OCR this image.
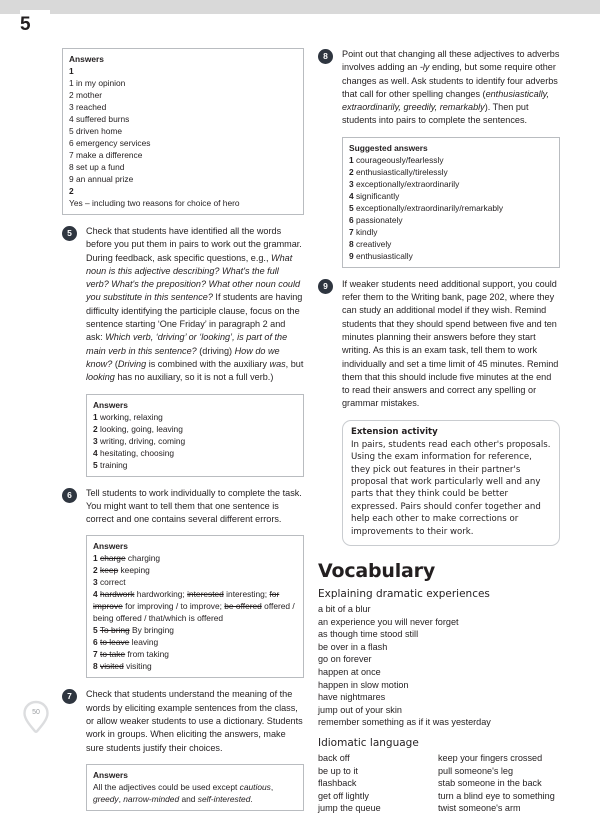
5
Answers
1
1 in my opinion
2 mother
3 reached
4 suffered burns
5 driven home
6 emergency services
7 make a difference
8 set up a fund
9 an annual prize
2
Yes – including two reasons for choice of hero
5	Check that students have identified all the words before you put them in pairs to work out the grammar. During feedback, ask specific questions, e.g., What noun is this adjective describing? What's the full verb? What's the preposition? What other noun could you substitute in this sentence? If students are having difficulty identifying the participle clause, focus on the sentence starting ‘One Friday’ in paragraph 2 and ask: Which verb, ‘driving’ or ‘looking’, is part of the main verb in this sentence? (driving) How do we know? (Driving is combined with the auxiliary was, but looking has no auxiliary, so it is not a full verb.)
Answers
1 working, relaxing
2 looking, going, leaving
3 writing, driving, coming
4 hesitating, choosing
5 training
6	Tell students to work individually to complete the task. You might want to tell them that one sentence is correct and one contains several different errors.
Answers
1 charge charging
2 keep keeping
3 correct
4 hardwork hardworking; interested interesting; for improve for improving / to improve; be offered offered / being offered / that/which is offered
5 To bring By bringing
6 to leave leaving
7 to take from taking
8 visited visiting
7	Check that students understand the meaning of the words by eliciting example sentences from the class, or allow weaker students to use a dictionary. Students work in groups. When eliciting the answers, make sure students justify their choices.
Answers
All the adjectives could be used except cautious, greedy, narrow-minded and self-interested.
8	Point out that changing all these adjectives to adverbs involves adding an -ly ending, but some require other changes as well. Ask students to identify four adverbs that call for other spelling changes (enthusiastically, extraordinarily, greedily, remarkably). Then put students into pairs to complete the sentences.
Suggested answers
1 courageously/fearlessly
2 enthusiastically/tirelessly
3 exceptionally/extraordinarily
4 significantly
5 exceptionally/extraordinarily/remarkably
6 passionately
7 kindly
8 creatively
9 enthusiastically
9	If weaker students need additional support, you could refer them to the Writing bank, page 202, where they can study an additional model if they wish. Remind students that they should spend between five and ten minutes planning their answers before they start writing. As this is an exam task, tell them to work individually and set a time limit of 45 minutes. Remind them that this should include five minutes at the end to read their answers and correct any spelling or grammar mistakes.
Extension activity
In pairs, students read each other's proposals. Using the exam information for reference, they pick out features in their partner's proposal that work particularly well and any parts that they think could be better expressed. Pairs should confer together and help each other to make corrections or improvements to their work.
Vocabulary
Explaining dramatic experiences
a bit of a blur
an experience you will never forget
as though time stood still
be over in a flash
go on forever
happen at once
happen in slow motion
have nightmares
jump out of your skin
remember something as if it was yesterday
Idiomatic language
back off
be up to it
flashback
get off lightly
jump the queue
keep your fingers crossed
pull someone's leg
stab someone in the back
turn a blind eye to something
twist someone's arm
50
